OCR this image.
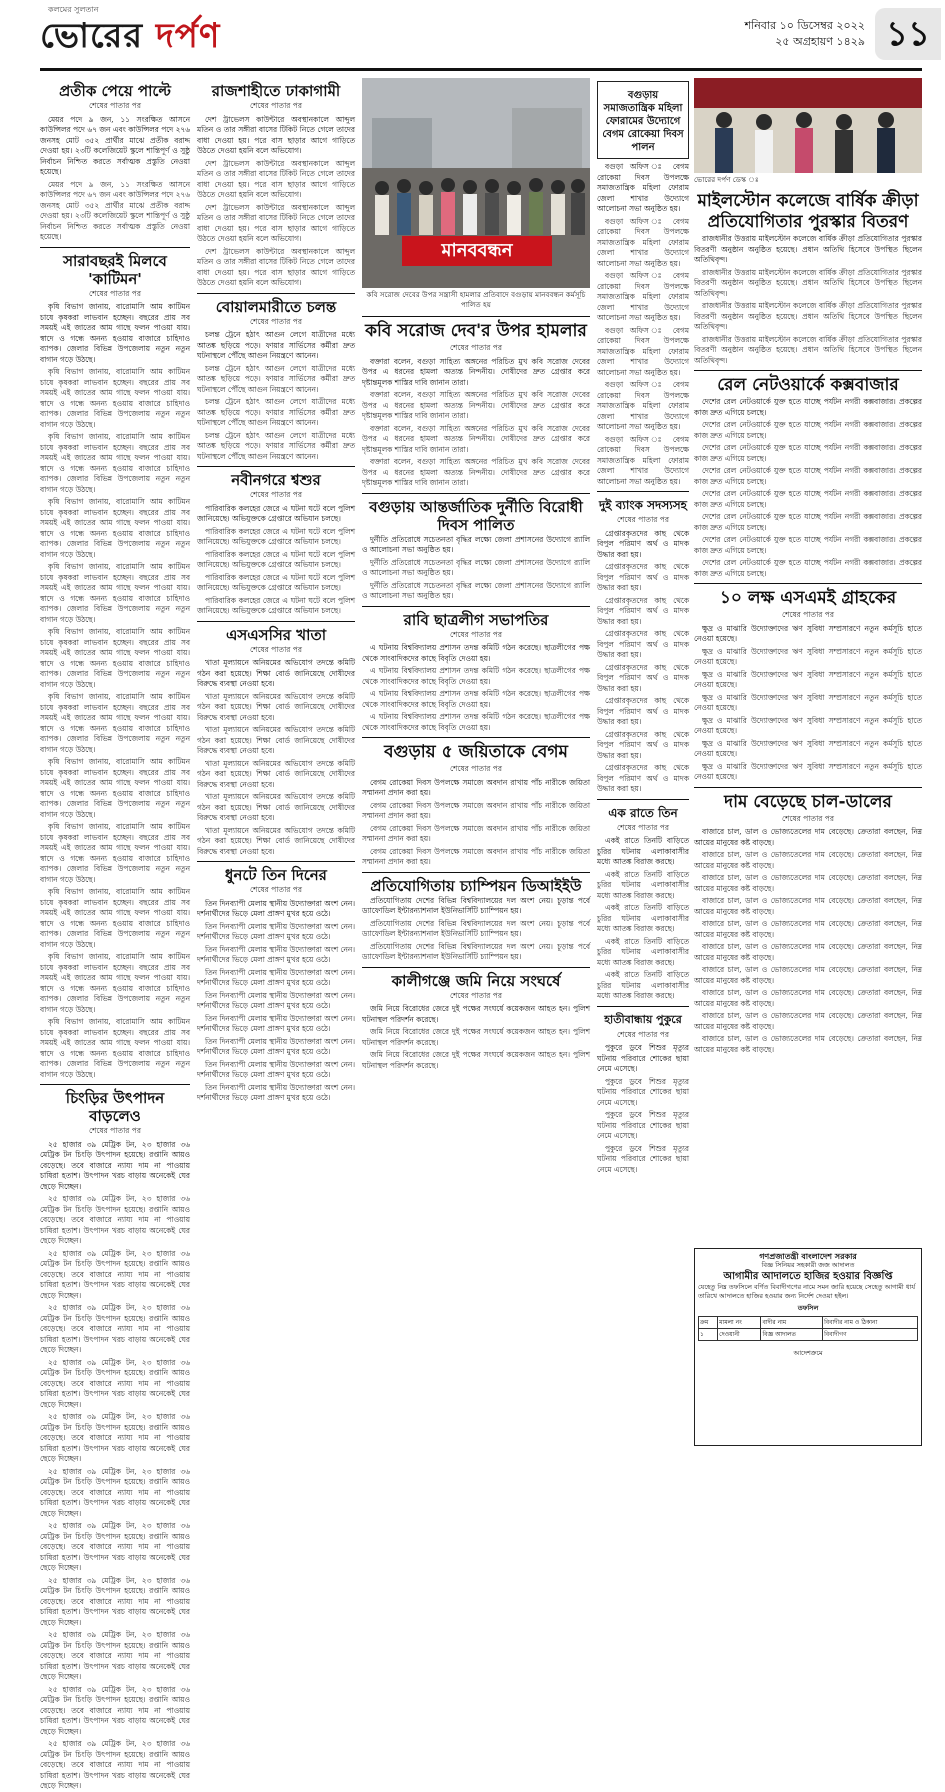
কলমের সুলতান
ভোরের দর্পণ	শনিবার ১০ ডিসেম্বর ২০২২
২৫ অগ্রহায়ণ ১৪২৯ ১১
প্রতীক পেয়ে পাল্টে
শেষের পাতার পর

মেয়র পদে ৯ জন, ১১ সংরক্ষিত আসনে কাউন্সিলর পদে ৬৭ জন এবং কাউন্সিলর পদে ২৭৬ জনসহ মোট ৩৫২ প্রার্থীর মাঝে প্রতীক বরাদ্দ দেওয়া হয়। ২৩টি কলেজিয়েট স্কুলে শান্তিপূর্ণ ও সুষ্ঠু নির্বাচন নিশ্চিত করতে সর্বাত্মক প্রস্তুতি নেওয়া হয়েছে।

মেয়র পদে ৯ জন, ১১ সংরক্ষিত আসনে কাউন্সিলর পদে ৬৭ জন এবং কাউন্সিলর পদে ২৭৬ জনসহ মোট ৩৫২ প্রার্থীর মাঝে প্রতীক বরাদ্দ দেওয়া হয়। ২৩টি কলেজিয়েট স্কুলে শান্তিপূর্ণ ও সুষ্ঠু নির্বাচন নিশ্চিত করতে সর্বাত্মক প্রস্তুতি নেওয়া হয়েছে।

সারাবছরই মিলবে 'কাটিমন'
শেষের পাতার পর

কৃষি বিভাগ জানায়, বারোমাসি আম কাটিমন চাষে কৃষকরা লাভবান হচ্ছেন। বছরের প্রায় সব সময়ই এই জাতের আম গাছে ফলন পাওয়া যায়। স্বাদে ও গন্ধে অনন্য হওয়ায় বাজারে চাহিদাও ব্যাপক। জেলার বিভিন্ন উপজেলায় নতুন নতুন বাগান গড়ে উঠছে।

কৃষি বিভাগ জানায়, বারোমাসি আম কাটিমন চাষে কৃষকরা লাভবান হচ্ছেন। বছরের প্রায় সব সময়ই এই জাতের আম গাছে ফলন পাওয়া যায়। স্বাদে ও গন্ধে অনন্য হওয়ায় বাজারে চাহিদাও ব্যাপক। জেলার বিভিন্ন উপজেলায় নতুন নতুন বাগান গড়ে উঠছে।

কৃষি বিভাগ জানায়, বারোমাসি আম কাটিমন চাষে কৃষকরা লাভবান হচ্ছেন। বছরের প্রায় সব সময়ই এই জাতের আম গাছে ফলন পাওয়া যায়। স্বাদে ও গন্ধে অনন্য হওয়ায় বাজারে চাহিদাও ব্যাপক। জেলার বিভিন্ন উপজেলায় নতুন নতুন বাগান গড়ে উঠছে।

কৃষি বিভাগ জানায়, বারোমাসি আম কাটিমন চাষে কৃষকরা লাভবান হচ্ছেন। বছরের প্রায় সব সময়ই এই জাতের আম গাছে ফলন পাওয়া যায়। স্বাদে ও গন্ধে অনন্য হওয়ায় বাজারে চাহিদাও ব্যাপক। জেলার বিভিন্ন উপজেলায় নতুন নতুন বাগান গড়ে উঠছে।

কৃষি বিভাগ জানায়, বারোমাসি আম কাটিমন চাষে কৃষকরা লাভবান হচ্ছেন। বছরের প্রায় সব সময়ই এই জাতের আম গাছে ফলন পাওয়া যায়। স্বাদে ও গন্ধে অনন্য হওয়ায় বাজারে চাহিদাও ব্যাপক। জেলার বিভিন্ন উপজেলায় নতুন নতুন বাগান গড়ে উঠছে।

কৃষি বিভাগ জানায়, বারোমাসি আম কাটিমন চাষে কৃষকরা লাভবান হচ্ছেন। বছরের প্রায় সব সময়ই এই জাতের আম গাছে ফলন পাওয়া যায়। স্বাদে ও গন্ধে অনন্য হওয়ায় বাজারে চাহিদাও ব্যাপক। জেলার বিভিন্ন উপজেলায় নতুন নতুন বাগান গড়ে উঠছে।

কৃষি বিভাগ জানায়, বারোমাসি আম কাটিমন চাষে কৃষকরা লাভবান হচ্ছেন। বছরের প্রায় সব সময়ই এই জাতের আম গাছে ফলন পাওয়া যায়। স্বাদে ও গন্ধে অনন্য হওয়ায় বাজারে চাহিদাও ব্যাপক। জেলার বিভিন্ন উপজেলায় নতুন নতুন বাগান গড়ে উঠছে।

কৃষি বিভাগ জানায়, বারোমাসি আম কাটিমন চাষে কৃষকরা লাভবান হচ্ছেন। বছরের প্রায় সব সময়ই এই জাতের আম গাছে ফলন পাওয়া যায়। স্বাদে ও গন্ধে অনন্য হওয়ায় বাজারে চাহিদাও ব্যাপক। জেলার বিভিন্ন উপজেলায় নতুন নতুন বাগান গড়ে উঠছে।

কৃষি বিভাগ জানায়, বারোমাসি আম কাটিমন চাষে কৃষকরা লাভবান হচ্ছেন। বছরের প্রায় সব সময়ই এই জাতের আম গাছে ফলন পাওয়া যায়। স্বাদে ও গন্ধে অনন্য হওয়ায় বাজারে চাহিদাও ব্যাপক। জেলার বিভিন্ন উপজেলায় নতুন নতুন বাগান গড়ে উঠছে।

কৃষি বিভাগ জানায়, বারোমাসি আম কাটিমন চাষে কৃষকরা লাভবান হচ্ছেন। বছরের প্রায় সব সময়ই এই জাতের আম গাছে ফলন পাওয়া যায়। স্বাদে ও গন্ধে অনন্য হওয়ায় বাজারে চাহিদাও ব্যাপক। জেলার বিভিন্ন উপজেলায় নতুন নতুন বাগান গড়ে উঠছে।

কৃষি বিভাগ জানায়, বারোমাসি আম কাটিমন চাষে কৃষকরা লাভবান হচ্ছেন। বছরের প্রায় সব সময়ই এই জাতের আম গাছে ফলন পাওয়া যায়। স্বাদে ও গন্ধে অনন্য হওয়ায় বাজারে চাহিদাও ব্যাপক। জেলার বিভিন্ন উপজেলায় নতুন নতুন বাগান গড়ে উঠছে।

কৃষি বিভাগ জানায়, বারোমাসি আম কাটিমন চাষে কৃষকরা লাভবান হচ্ছেন। বছরের প্রায় সব সময়ই এই জাতের আম গাছে ফলন পাওয়া যায়। স্বাদে ও গন্ধে অনন্য হওয়ায় বাজারে চাহিদাও ব্যাপক। জেলার বিভিন্ন উপজেলায় নতুন নতুন বাগান গড়ে উঠছে।

চিংড়ির উৎপাদন বাড়লেও
শেষের পাতার পর

২৫ হাজার ৩৯ মেট্রিক টন, ২৩ হাজার ৩৬ মেট্রিক টন চিংড়ি উৎপাদন হয়েছে। রপ্তানি আয়ও বেড়েছে। তবে বাজারে ন্যায্য দাম না পাওয়ায় চাষিরা হতাশ। উৎপাদন খরচ বাড়ায় অনেকেই ঘের ছেড়ে দিচ্ছেন।

২৫ হাজার ৩৯ মেট্রিক টন, ২৩ হাজার ৩৬ মেট্রিক টন চিংড়ি উৎপাদন হয়েছে। রপ্তানি আয়ও বেড়েছে। তবে বাজারে ন্যায্য দাম না পাওয়ায় চাষিরা হতাশ। উৎপাদন খরচ বাড়ায় অনেকেই ঘের ছেড়ে দিচ্ছেন।

২৫ হাজার ৩৯ মেট্রিক টন, ২৩ হাজার ৩৬ মেট্রিক টন চিংড়ি উৎপাদন হয়েছে। রপ্তানি আয়ও বেড়েছে। তবে বাজারে ন্যায্য দাম না পাওয়ায় চাষিরা হতাশ। উৎপাদন খরচ বাড়ায় অনেকেই ঘের ছেড়ে দিচ্ছেন।

২৫ হাজার ৩৯ মেট্রিক টন, ২৩ হাজার ৩৬ মেট্রিক টন চিংড়ি উৎপাদন হয়েছে। রপ্তানি আয়ও বেড়েছে। তবে বাজারে ন্যায্য দাম না পাওয়ায় চাষিরা হতাশ। উৎপাদন খরচ বাড়ায় অনেকেই ঘের ছেড়ে দিচ্ছেন।

২৫ হাজার ৩৯ মেট্রিক টন, ২৩ হাজার ৩৬ মেট্রিক টন চিংড়ি উৎপাদন হয়েছে। রপ্তানি আয়ও বেড়েছে। তবে বাজারে ন্যায্য দাম না পাওয়ায় চাষিরা হতাশ। উৎপাদন খরচ বাড়ায় অনেকেই ঘের ছেড়ে দিচ্ছেন।

২৫ হাজার ৩৯ মেট্রিক টন, ২৩ হাজার ৩৬ মেট্রিক টন চিংড়ি উৎপাদন হয়েছে। রপ্তানি আয়ও বেড়েছে। তবে বাজারে ন্যায্য দাম না পাওয়ায় চাষিরা হতাশ। উৎপাদন খরচ বাড়ায় অনেকেই ঘের ছেড়ে দিচ্ছেন।

২৫ হাজার ৩৯ মেট্রিক টন, ২৩ হাজার ৩৬ মেট্রিক টন চিংড়ি উৎপাদন হয়েছে। রপ্তানি আয়ও বেড়েছে। তবে বাজারে ন্যায্য দাম না পাওয়ায় চাষিরা হতাশ। উৎপাদন খরচ বাড়ায় অনেকেই ঘের ছেড়ে দিচ্ছেন।

২৫ হাজার ৩৯ মেট্রিক টন, ২৩ হাজার ৩৬ মেট্রিক টন চিংড়ি উৎপাদন হয়েছে। রপ্তানি আয়ও বেড়েছে। তবে বাজারে ন্যায্য দাম না পাওয়ায় চাষিরা হতাশ। উৎপাদন খরচ বাড়ায় অনেকেই ঘের ছেড়ে দিচ্ছেন।

২৫ হাজার ৩৯ মেট্রিক টন, ২৩ হাজার ৩৬ মেট্রিক টন চিংড়ি উৎপাদন হয়েছে। রপ্তানি আয়ও বেড়েছে। তবে বাজারে ন্যায্য দাম না পাওয়ায় চাষিরা হতাশ। উৎপাদন খরচ বাড়ায় অনেকেই ঘের ছেড়ে দিচ্ছেন।

২৫ হাজার ৩৯ মেট্রিক টন, ২৩ হাজার ৩৬ মেট্রিক টন চিংড়ি উৎপাদন হয়েছে। রপ্তানি আয়ও বেড়েছে। তবে বাজারে ন্যায্য দাম না পাওয়ায় চাষিরা হতাশ। উৎপাদন খরচ বাড়ায় অনেকেই ঘের ছেড়ে দিচ্ছেন।

২৫ হাজার ৩৯ মেট্রিক টন, ২৩ হাজার ৩৬ মেট্রিক টন চিংড়ি উৎপাদন হয়েছে। রপ্তানি আয়ও বেড়েছে। তবে বাজারে ন্যায্য দাম না পাওয়ায় চাষিরা হতাশ। উৎপাদন খরচ বাড়ায় অনেকেই ঘের ছেড়ে দিচ্ছেন।

২৫ হাজার ৩৯ মেট্রিক টন, ২৩ হাজার ৩৬ মেট্রিক টন চিংড়ি উৎপাদন হয়েছে। রপ্তানি আয়ও বেড়েছে। তবে বাজারে ন্যায্য দাম না পাওয়ায় চাষিরা হতাশ। উৎপাদন খরচ বাড়ায় অনেকেই ঘের ছেড়ে দিচ্ছেন।

রাজশাহীতে ঢাকাগামী
শেষের পাতার পর

দেশ ট্রাভেলস কাউন্টারে অবস্থানকালে আব্দুল মতিন ও তার সঙ্গীরা বাসের টিকিট নিতে গেলে তাদের বাধা দেওয়া হয়। পরে বাস ছাড়ার আগে গাড়িতে উঠতে দেওয়া হয়নি বলে অভিযোগ।

দেশ ট্রাভেলস কাউন্টারে অবস্থানকালে আব্দুল মতিন ও তার সঙ্গীরা বাসের টিকিট নিতে গেলে তাদের বাধা দেওয়া হয়। পরে বাস ছাড়ার আগে গাড়িতে উঠতে দেওয়া হয়নি বলে অভিযোগ।

দেশ ট্রাভেলস কাউন্টারে অবস্থানকালে আব্দুল মতিন ও তার সঙ্গীরা বাসের টিকিট নিতে গেলে তাদের বাধা দেওয়া হয়। পরে বাস ছাড়ার আগে গাড়িতে উঠতে দেওয়া হয়নি বলে অভিযোগ।

দেশ ট্রাভেলস কাউন্টারে অবস্থানকালে আব্দুল মতিন ও তার সঙ্গীরা বাসের টিকিট নিতে গেলে তাদের বাধা দেওয়া হয়। পরে বাস ছাড়ার আগে গাড়িতে উঠতে দেওয়া হয়নি বলে অভিযোগ।

বোয়ালমারীতে চলন্ত
শেষের পাতার পর

চলন্ত ট্রেনে হঠাৎ আগুন লেগে যাত্রীদের মধ্যে আতঙ্ক ছড়িয়ে পড়ে। ফায়ার সার্ভিসের কর্মীরা দ্রুত ঘটনাস্থলে পৌঁছে আগুন নিয়ন্ত্রণে আনেন।

চলন্ত ট্রেনে হঠাৎ আগুন লেগে যাত্রীদের মধ্যে আতঙ্ক ছড়িয়ে পড়ে। ফায়ার সার্ভিসের কর্মীরা দ্রুত ঘটনাস্থলে পৌঁছে আগুন নিয়ন্ত্রণে আনেন।

চলন্ত ট্রেনে হঠাৎ আগুন লেগে যাত্রীদের মধ্যে আতঙ্ক ছড়িয়ে পড়ে। ফায়ার সার্ভিসের কর্মীরা দ্রুত ঘটনাস্থলে পৌঁছে আগুন নিয়ন্ত্রণে আনেন।

চলন্ত ট্রেনে হঠাৎ আগুন লেগে যাত্রীদের মধ্যে আতঙ্ক ছড়িয়ে পড়ে। ফায়ার সার্ভিসের কর্মীরা দ্রুত ঘটনাস্থলে পৌঁছে আগুন নিয়ন্ত্রণে আনেন।

নবীনগরে শ্বশুর
শেষের পাতার পর

পারিবারিক কলহের জেরে এ ঘটনা ঘটে বলে পুলিশ জানিয়েছে। অভিযুক্তকে গ্রেপ্তারে অভিযান চলছে।

পারিবারিক কলহের জেরে এ ঘটনা ঘটে বলে পুলিশ জানিয়েছে। অভিযুক্তকে গ্রেপ্তারে অভিযান চলছে।

পারিবারিক কলহের জেরে এ ঘটনা ঘটে বলে পুলিশ জানিয়েছে। অভিযুক্তকে গ্রেপ্তারে অভিযান চলছে।

পারিবারিক কলহের জেরে এ ঘটনা ঘটে বলে পুলিশ জানিয়েছে। অভিযুক্তকে গ্রেপ্তারে অভিযান চলছে।

পারিবারিক কলহের জেরে এ ঘটনা ঘটে বলে পুলিশ জানিয়েছে। অভিযুক্তকে গ্রেপ্তারে অভিযান চলছে।

এসএসসির খাতা
শেষের পাতার পর

খাতা মূল্যায়নে অনিয়মের অভিযোগ তদন্তে কমিটি গঠন করা হয়েছে। শিক্ষা বোর্ড জানিয়েছে দোষীদের বিরুদ্ধে ব্যবস্থা নেওয়া হবে।

খাতা মূল্যায়নে অনিয়মের অভিযোগ তদন্তে কমিটি গঠন করা হয়েছে। শিক্ষা বোর্ড জানিয়েছে দোষীদের বিরুদ্ধে ব্যবস্থা নেওয়া হবে।

খাতা মূল্যায়নে অনিয়মের অভিযোগ তদন্তে কমিটি গঠন করা হয়েছে। শিক্ষা বোর্ড জানিয়েছে দোষীদের বিরুদ্ধে ব্যবস্থা নেওয়া হবে।

খাতা মূল্যায়নে অনিয়মের অভিযোগ তদন্তে কমিটি গঠন করা হয়েছে। শিক্ষা বোর্ড জানিয়েছে দোষীদের বিরুদ্ধে ব্যবস্থা নেওয়া হবে।

খাতা মূল্যায়নে অনিয়মের অভিযোগ তদন্তে কমিটি গঠন করা হয়েছে। শিক্ষা বোর্ড জানিয়েছে দোষীদের বিরুদ্ধে ব্যবস্থা নেওয়া হবে।

খাতা মূল্যায়নে অনিয়মের অভিযোগ তদন্তে কমিটি গঠন করা হয়েছে। শিক্ষা বোর্ড জানিয়েছে দোষীদের বিরুদ্ধে ব্যবস্থা নেওয়া হবে।

ধুনটে তিন দিনের
শেষের পাতার পর

তিন দিনব্যাপী মেলায় স্থানীয় উদ্যোক্তারা অংশ নেন। দর্শনার্থীদের ভিড়ে মেলা প্রাঙ্গণ মুখর হয়ে ওঠে।

তিন দিনব্যাপী মেলায় স্থানীয় উদ্যোক্তারা অংশ নেন। দর্শনার্থীদের ভিড়ে মেলা প্রাঙ্গণ মুখর হয়ে ওঠে।

তিন দিনব্যাপী মেলায় স্থানীয় উদ্যোক্তারা অংশ নেন। দর্শনার্থীদের ভিড়ে মেলা প্রাঙ্গণ মুখর হয়ে ওঠে।

তিন দিনব্যাপী মেলায় স্থানীয় উদ্যোক্তারা অংশ নেন। দর্শনার্থীদের ভিড়ে মেলা প্রাঙ্গণ মুখর হয়ে ওঠে।

তিন দিনব্যাপী মেলায় স্থানীয় উদ্যোক্তারা অংশ নেন। দর্শনার্থীদের ভিড়ে মেলা প্রাঙ্গণ মুখর হয়ে ওঠে।

তিন দিনব্যাপী মেলায় স্থানীয় উদ্যোক্তারা অংশ নেন। দর্শনার্থীদের ভিড়ে মেলা প্রাঙ্গণ মুখর হয়ে ওঠে।

তিন দিনব্যাপী মেলায় স্থানীয় উদ্যোক্তারা অংশ নেন। দর্শনার্থীদের ভিড়ে মেলা প্রাঙ্গণ মুখর হয়ে ওঠে।

তিন দিনব্যাপী মেলায় স্থানীয় উদ্যোক্তারা অংশ নেন। দর্শনার্থীদের ভিড়ে মেলা প্রাঙ্গণ মুখর হয়ে ওঠে।

তিন দিনব্যাপী মেলায় স্থানীয় উদ্যোক্তারা অংশ নেন। দর্শনার্থীদের ভিড়ে মেলা প্রাঙ্গণ মুখর হয়ে ওঠে।

মানববন্ধন
কবি সরোজ দেবের উপর সন্ত্রাসী হামলার প্রতিবাদে বগুড়ায় মানববন্ধন কর্মসূচি পালিত হয়
কবি সরোজ দেব'র উপর হামলার
শেষের পাতার পর

বক্তারা বলেন, বগুড়া সাহিত্য অঙ্গনের পরিচিত মুখ কবি সরোজ দেবের উপর এ ধরনের হামলা অত্যন্ত নিন্দনীয়। দোষীদের দ্রুত গ্রেপ্তার করে দৃষ্টান্তমূলক শাস্তির দাবি জানান তারা।

বক্তারা বলেন, বগুড়া সাহিত্য অঙ্গনের পরিচিত মুখ কবি সরোজ দেবের উপর এ ধরনের হামলা অত্যন্ত নিন্দনীয়। দোষীদের দ্রুত গ্রেপ্তার করে দৃষ্টান্তমূলক শাস্তির দাবি জানান তারা।

বক্তারা বলেন, বগুড়া সাহিত্য অঙ্গনের পরিচিত মুখ কবি সরোজ দেবের উপর এ ধরনের হামলা অত্যন্ত নিন্দনীয়। দোষীদের দ্রুত গ্রেপ্তার করে দৃষ্টান্তমূলক শাস্তির দাবি জানান তারা।

বক্তারা বলেন, বগুড়া সাহিত্য অঙ্গনের পরিচিত মুখ কবি সরোজ দেবের উপর এ ধরনের হামলা অত্যন্ত নিন্দনীয়। দোষীদের দ্রুত গ্রেপ্তার করে দৃষ্টান্তমূলক শাস্তির দাবি জানান তারা।

বগুড়ায় আন্তর্জাতিক দুর্নীতি বিরোধী দিবস পালিত

দুর্নীতি প্রতিরোধে সচেতনতা বৃদ্ধির লক্ষ্যে জেলা প্রশাসনের উদ্যোগে র‍্যালি ও আলোচনা সভা অনুষ্ঠিত হয়।

দুর্নীতি প্রতিরোধে সচেতনতা বৃদ্ধির লক্ষ্যে জেলা প্রশাসনের উদ্যোগে র‍্যালি ও আলোচনা সভা অনুষ্ঠিত হয়।

দুর্নীতি প্রতিরোধে সচেতনতা বৃদ্ধির লক্ষ্যে জেলা প্রশাসনের উদ্যোগে র‍্যালি ও আলোচনা সভা অনুষ্ঠিত হয়।

রাবি ছাত্রলীগ সভাপতির
শেষের পাতার পর

এ ঘটনায় বিশ্ববিদ্যালয় প্রশাসন তদন্ত কমিটি গঠন করেছে। ছাত্রলীগের পক্ষ থেকে সাংবাদিকদের কাছে বিবৃতি দেওয়া হয়।

এ ঘটনায় বিশ্ববিদ্যালয় প্রশাসন তদন্ত কমিটি গঠন করেছে। ছাত্রলীগের পক্ষ থেকে সাংবাদিকদের কাছে বিবৃতি দেওয়া হয়।

এ ঘটনায় বিশ্ববিদ্যালয় প্রশাসন তদন্ত কমিটি গঠন করেছে। ছাত্রলীগের পক্ষ থেকে সাংবাদিকদের কাছে বিবৃতি দেওয়া হয়।

এ ঘটনায় বিশ্ববিদ্যালয় প্রশাসন তদন্ত কমিটি গঠন করেছে। ছাত্রলীগের পক্ষ থেকে সাংবাদিকদের কাছে বিবৃতি দেওয়া হয়।

বগুড়ায় ৫ জয়িতাকে বেগম
শেষের পাতার পর

বেগম রোকেয়া দিবস উপলক্ষে সমাজে অবদান রাখায় পাঁচ নারীকে জয়িতা সম্মাননা প্রদান করা হয়।

বেগম রোকেয়া দিবস উপলক্ষে সমাজে অবদান রাখায় পাঁচ নারীকে জয়িতা সম্মাননা প্রদান করা হয়।

বেগম রোকেয়া দিবস উপলক্ষে সমাজে অবদান রাখায় পাঁচ নারীকে জয়িতা সম্মাননা প্রদান করা হয়।

বেগম রোকেয়া দিবস উপলক্ষে সমাজে অবদান রাখায় পাঁচ নারীকে জয়িতা সম্মাননা প্রদান করা হয়।

প্রতিযোগিতায় চ্যাম্পিয়ন ডিআইইউ

প্রতিযোগিতায় দেশের বিভিন্ন বিশ্ববিদ্যালয়ের দল অংশ নেয়। চূড়ান্ত পর্বে ড্যাফোডিল ইন্টারন্যাশনাল ইউনিভার্সিটি চ্যাম্পিয়ন হয়।

প্রতিযোগিতায় দেশের বিভিন্ন বিশ্ববিদ্যালয়ের দল অংশ নেয়। চূড়ান্ত পর্বে ড্যাফোডিল ইন্টারন্যাশনাল ইউনিভার্সিটি চ্যাম্পিয়ন হয়।

প্রতিযোগিতায় দেশের বিভিন্ন বিশ্ববিদ্যালয়ের দল অংশ নেয়। চূড়ান্ত পর্বে ড্যাফোডিল ইন্টারন্যাশনাল ইউনিভার্সিটি চ্যাম্পিয়ন হয়।

কালীগঞ্জে জমি নিয়ে সংঘর্ষে
শেষের পাতার পর

জমি নিয়ে বিরোধের জেরে দুই পক্ষের সংঘর্ষে কয়েকজন আহত হন। পুলিশ ঘটনাস্থল পরিদর্শন করেছে।

জমি নিয়ে বিরোধের জেরে দুই পক্ষের সংঘর্ষে কয়েকজন আহত হন। পুলিশ ঘটনাস্থল পরিদর্শন করেছে।

জমি নিয়ে বিরোধের জেরে দুই পক্ষের সংঘর্ষে কয়েকজন আহত হন। পুলিশ ঘটনাস্থল পরিদর্শন করেছে।

বগুড়ায় সমাজতান্ত্রিক মহিলা ফোরামের উদ্যোগে বেগম রোকেয়া দিবস পালন

বগুড়া অফিস ঃ বেগম রোকেয়া দিবস উপলক্ষে সমাজতান্ত্রিক মহিলা ফোরাম জেলা শাখার উদ্যোগে আলোচনা সভা অনুষ্ঠিত হয়।

বগুড়া অফিস ঃ বেগম রোকেয়া দিবস উপলক্ষে সমাজতান্ত্রিক মহিলা ফোরাম জেলা শাখার উদ্যোগে আলোচনা সভা অনুষ্ঠিত হয়।

বগুড়া অফিস ঃ বেগম রোকেয়া দিবস উপলক্ষে সমাজতান্ত্রিক মহিলা ফোরাম জেলা শাখার উদ্যোগে আলোচনা সভা অনুষ্ঠিত হয়।

বগুড়া অফিস ঃ বেগম রোকেয়া দিবস উপলক্ষে সমাজতান্ত্রিক মহিলা ফোরাম জেলা শাখার উদ্যোগে আলোচনা সভা অনুষ্ঠিত হয়।

বগুড়া অফিস ঃ বেগম রোকেয়া দিবস উপলক্ষে সমাজতান্ত্রিক মহিলা ফোরাম জেলা শাখার উদ্যোগে আলোচনা সভা অনুষ্ঠিত হয়।

বগুড়া অফিস ঃ বেগম রোকেয়া দিবস উপলক্ষে সমাজতান্ত্রিক মহিলা ফোরাম জেলা শাখার উদ্যোগে আলোচনা সভা অনুষ্ঠিত হয়।

দুই ব্যাংক সদস্যসহ
শেষের পাতার পর

গ্রেপ্তারকৃতদের কাছ থেকে বিপুল পরিমাণ অর্থ ও মাদক উদ্ধার করা হয়।

গ্রেপ্তারকৃতদের কাছ থেকে বিপুল পরিমাণ অর্থ ও মাদক উদ্ধার করা হয়।

গ্রেপ্তারকৃতদের কাছ থেকে বিপুল পরিমাণ অর্থ ও মাদক উদ্ধার করা হয়।

গ্রেপ্তারকৃতদের কাছ থেকে বিপুল পরিমাণ অর্থ ও মাদক উদ্ধার করা হয়।

গ্রেপ্তারকৃতদের কাছ থেকে বিপুল পরিমাণ অর্থ ও মাদক উদ্ধার করা হয়।

গ্রেপ্তারকৃতদের কাছ থেকে বিপুল পরিমাণ অর্থ ও মাদক উদ্ধার করা হয়।

গ্রেপ্তারকৃতদের কাছ থেকে বিপুল পরিমাণ অর্থ ও মাদক উদ্ধার করা হয়।

গ্রেপ্তারকৃতদের কাছ থেকে বিপুল পরিমাণ অর্থ ও মাদক উদ্ধার করা হয়।

এক রাতে তিন
শেষের পাতার পর

একই রাতে তিনটি বাড়িতে চুরির ঘটনায় এলাকাবাসীর মধ্যে আতঙ্ক বিরাজ করছে।

একই রাতে তিনটি বাড়িতে চুরির ঘটনায় এলাকাবাসীর মধ্যে আতঙ্ক বিরাজ করছে।

একই রাতে তিনটি বাড়িতে চুরির ঘটনায় এলাকাবাসীর মধ্যে আতঙ্ক বিরাজ করছে।

একই রাতে তিনটি বাড়িতে চুরির ঘটনায় এলাকাবাসীর মধ্যে আতঙ্ক বিরাজ করছে।

একই রাতে তিনটি বাড়িতে চুরির ঘটনায় এলাকাবাসীর মধ্যে আতঙ্ক বিরাজ করছে।

হাতীবান্ধায় পুকুরে
শেষের পাতার পর

পুকুরে ডুবে শিশুর মৃত্যুর ঘটনায় পরিবারে শোকের ছায়া নেমে এসেছে।

পুকুরে ডুবে শিশুর মৃত্যুর ঘটনায় পরিবারে শোকের ছায়া নেমে এসেছে।

পুকুরে ডুবে শিশুর মৃত্যুর ঘটনায় পরিবারে শোকের ছায়া নেমে এসেছে।

পুকুরে ডুবে শিশুর মৃত্যুর ঘটনায় পরিবারে শোকের ছায়া নেমে এসেছে।

ভোরের দর্পণ ডেস্ক ঃ
মাইলস্টোন কলেজে বার্ষিক ক্রীড়া প্রতিযোগিতার পুরস্কার বিতরণ

রাজধানীর উত্তরায় মাইলস্টোন কলেজে বার্ষিক ক্রীড়া প্রতিযোগিতার পুরস্কার বিতরণী অনুষ্ঠান অনুষ্ঠিত হয়েছে। প্রধান অতিথি হিসেবে উপস্থিত ছিলেন অতিথিবৃন্দ।

রাজধানীর উত্তরায় মাইলস্টোন কলেজে বার্ষিক ক্রীড়া প্রতিযোগিতার পুরস্কার বিতরণী অনুষ্ঠান অনুষ্ঠিত হয়েছে। প্রধান অতিথি হিসেবে উপস্থিত ছিলেন অতিথিবৃন্দ।

রাজধানীর উত্তরায় মাইলস্টোন কলেজে বার্ষিক ক্রীড়া প্রতিযোগিতার পুরস্কার বিতরণী অনুষ্ঠান অনুষ্ঠিত হয়েছে। প্রধান অতিথি হিসেবে উপস্থিত ছিলেন অতিথিবৃন্দ।

রাজধানীর উত্তরায় মাইলস্টোন কলেজে বার্ষিক ক্রীড়া প্রতিযোগিতার পুরস্কার বিতরণী অনুষ্ঠান অনুষ্ঠিত হয়েছে। প্রধান অতিথি হিসেবে উপস্থিত ছিলেন অতিথিবৃন্দ।

রেল নেটওয়ার্কে কক্সবাজার

দেশের রেল নেটওয়ার্কে যুক্ত হতে যাচ্ছে পর্যটন নগরী কক্সবাজার। প্রকল্পের কাজ দ্রুত এগিয়ে চলছে।

দেশের রেল নেটওয়ার্কে যুক্ত হতে যাচ্ছে পর্যটন নগরী কক্সবাজার। প্রকল্পের কাজ দ্রুত এগিয়ে চলছে।

দেশের রেল নেটওয়ার্কে যুক্ত হতে যাচ্ছে পর্যটন নগরী কক্সবাজার। প্রকল্পের কাজ দ্রুত এগিয়ে চলছে।

দেশের রেল নেটওয়ার্কে যুক্ত হতে যাচ্ছে পর্যটন নগরী কক্সবাজার। প্রকল্পের কাজ দ্রুত এগিয়ে চলছে।

দেশের রেল নেটওয়ার্কে যুক্ত হতে যাচ্ছে পর্যটন নগরী কক্সবাজার। প্রকল্পের কাজ দ্রুত এগিয়ে চলছে।

দেশের রেল নেটওয়ার্কে যুক্ত হতে যাচ্ছে পর্যটন নগরী কক্সবাজার। প্রকল্পের কাজ দ্রুত এগিয়ে চলছে।

দেশের রেল নেটওয়ার্কে যুক্ত হতে যাচ্ছে পর্যটন নগরী কক্সবাজার। প্রকল্পের কাজ দ্রুত এগিয়ে চলছে।

দেশের রেল নেটওয়ার্কে যুক্ত হতে যাচ্ছে পর্যটন নগরী কক্সবাজার। প্রকল্পের কাজ দ্রুত এগিয়ে চলছে।

১০ লক্ষ এসএমই গ্রাহকের
শেষের পাতার পর

ক্ষুদ্র ও মাঝারি উদ্যোক্তাদের ঋণ সুবিধা সম্প্রসারণে নতুন কর্মসূচি হাতে নেওয়া হয়েছে।

ক্ষুদ্র ও মাঝারি উদ্যোক্তাদের ঋণ সুবিধা সম্প্রসারণে নতুন কর্মসূচি হাতে নেওয়া হয়েছে।

ক্ষুদ্র ও মাঝারি উদ্যোক্তাদের ঋণ সুবিধা সম্প্রসারণে নতুন কর্মসূচি হাতে নেওয়া হয়েছে।

ক্ষুদ্র ও মাঝারি উদ্যোক্তাদের ঋণ সুবিধা সম্প্রসারণে নতুন কর্মসূচি হাতে নেওয়া হয়েছে।

ক্ষুদ্র ও মাঝারি উদ্যোক্তাদের ঋণ সুবিধা সম্প্রসারণে নতুন কর্মসূচি হাতে নেওয়া হয়েছে।

ক্ষুদ্র ও মাঝারি উদ্যোক্তাদের ঋণ সুবিধা সম্প্রসারণে নতুন কর্মসূচি হাতে নেওয়া হয়েছে।

ক্ষুদ্র ও মাঝারি উদ্যোক্তাদের ঋণ সুবিধা সম্প্রসারণে নতুন কর্মসূচি হাতে নেওয়া হয়েছে।

দাম বেড়েছে চাল-ডালের
শেষের পাতার পর

বাজারে চাল, ডাল ও ভোজ্যতেলের দাম বেড়েছে। ক্রেতারা বলছেন, নিম্ন আয়ের মানুষের কষ্ট বাড়ছে।

বাজারে চাল, ডাল ও ভোজ্যতেলের দাম বেড়েছে। ক্রেতারা বলছেন, নিম্ন আয়ের মানুষের কষ্ট বাড়ছে।

বাজারে চাল, ডাল ও ভোজ্যতেলের দাম বেড়েছে। ক্রেতারা বলছেন, নিম্ন আয়ের মানুষের কষ্ট বাড়ছে।

বাজারে চাল, ডাল ও ভোজ্যতেলের দাম বেড়েছে। ক্রেতারা বলছেন, নিম্ন আয়ের মানুষের কষ্ট বাড়ছে।

বাজারে চাল, ডাল ও ভোজ্যতেলের দাম বেড়েছে। ক্রেতারা বলছেন, নিম্ন আয়ের মানুষের কষ্ট বাড়ছে।

বাজারে চাল, ডাল ও ভোজ্যতেলের দাম বেড়েছে। ক্রেতারা বলছেন, নিম্ন আয়ের মানুষের কষ্ট বাড়ছে।

বাজারে চাল, ডাল ও ভোজ্যতেলের দাম বেড়েছে। ক্রেতারা বলছেন, নিম্ন আয়ের মানুষের কষ্ট বাড়ছে।

বাজারে চাল, ডাল ও ভোজ্যতেলের দাম বেড়েছে। ক্রেতারা বলছেন, নিম্ন আয়ের মানুষের কষ্ট বাড়ছে।

বাজারে চাল, ডাল ও ভোজ্যতেলের দাম বেড়েছে। ক্রেতারা বলছেন, নিম্ন আয়ের মানুষের কষ্ট বাড়ছে।

বাজারে চাল, ডাল ও ভোজ্যতেলের দাম বেড়েছে। ক্রেতারা বলছেন, নিম্ন আয়ের মানুষের কষ্ট বাড়ছে।

গণপ্রজাতন্ত্রী বাংলাদেশ সরকার
বিজ্ঞ সিনিয়র সহকারী জজ আদালত
আগামীর আদালতে হাজির হওয়ার বিজ্ঞপ্তি
যেহেতু নিম্ন তফসিলে বর্ণিত বিবাদীগণের নামে সমন জারি হয়েছে সেহেতু আগামী ধার্য তারিখে আদালতে হাজির হওয়ার জন্য নির্দেশ দেওয়া হইল।
তফসিল
ক্রম	মামলা নং	বাদীর নাম	বিবাদীর নাম ও ঠিকানা
১	দেওয়ানী	বিজ্ঞ আদালত	বিবাদীগণ
আদেশক্রমে
